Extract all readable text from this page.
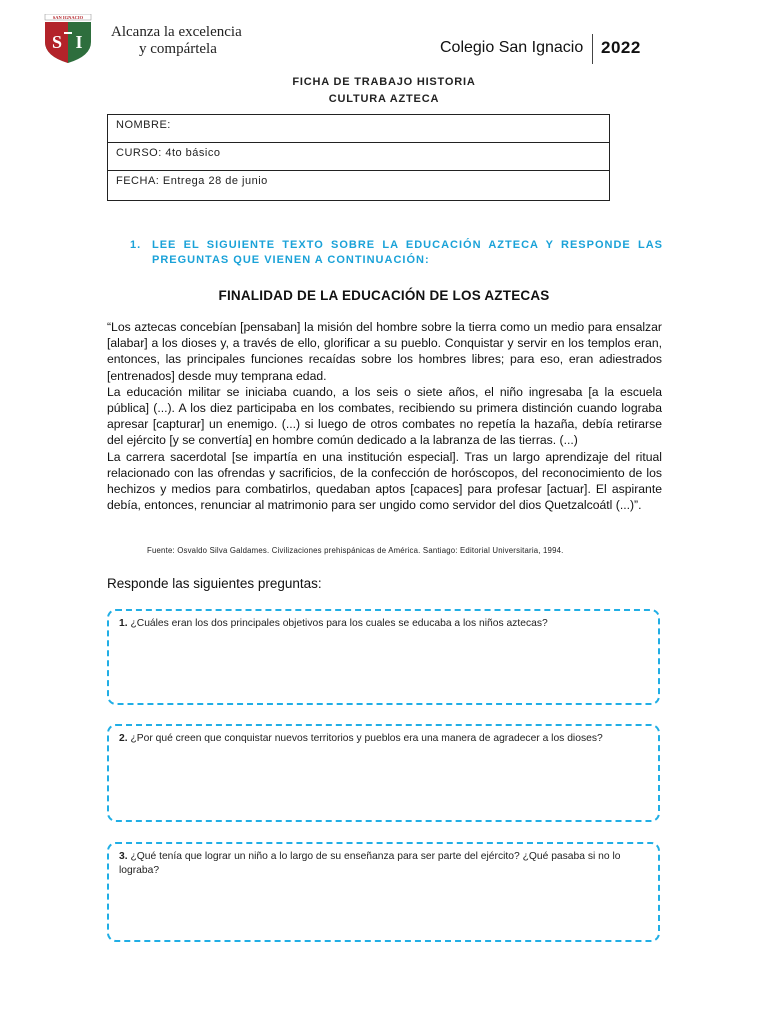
SAN IGNACIO
S I Alcanza la excelencia
y compártela	Colegio San Ignacio 2022
FICHA DE TRABAJO HISTORIA
CULTURA AZTECA
NOMBRE:
CURSO: 4to básico
FECHA: Entrega 28 de junio
1. LEE EL SIGUIENTE TEXTO SOBRE LA EDUCACIÓN AZTECA Y RESPONDE LAS PREGUNTAS QUE VIENEN A CONTINUACIÓN:
FINALIDAD DE LA EDUCACIÓN DE LOS AZTECAS

“Los aztecas concebían [pensaban] la misión del hombre sobre la tierra como un medio para ensalzar [alabar] a los dioses y, a través de ello, glorificar a su pueblo. Conquistar y servir en los templos eran, entonces, las principales funciones recaídas sobre los hombres libres; para eso, eran adiestrados [entrenados] desde muy temprana edad.

La educación militar se iniciaba cuando, a los seis o siete años, el niño ingresaba [a la escuela pública] (...). A los diez participaba en los combates, recibiendo su primera distinción cuando lograba apresar [capturar] un enemigo. (...) si luego de otros combates no repetía la hazaña, debía retirarse del ejército [y se convertía] en hombre común dedicado a la labranza de las tierras. (...)

La carrera sacerdotal [se impartía en una institución especial]. Tras un largo aprendizaje del ritual relacionado con las ofrendas y sacrificios, de la confección de horóscopos, del reconocimiento de los hechizos y medios para combatirlos, quedaban aptos [capaces] para profesar [actuar]. El aspirante debía, entonces, renunciar al matrimonio para ser ungido como servidor del dios Quetzalcoátl (...)”.

Fuente: Osvaldo Silva Galdames. Civilizaciones prehispánicas de América. Santiago: Editorial Universitaria, 1994.
Responde las siguientes preguntas:
1. ¿Cuáles eran los dos principales objetivos para los cuales se educaba a los niños aztecas?
2. ¿Por qué creen que conquistar nuevos territorios y pueblos era una manera de agradecer a los dioses?
3. ¿Qué tenía que lograr un niño a lo largo de su enseñanza para ser parte del ejército? ¿Qué pasaba si no lo lograba?
